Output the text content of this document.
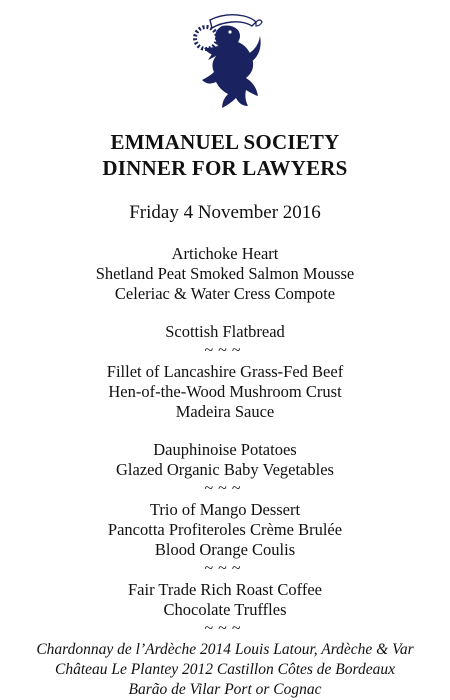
EMMANUEL SOCIETY
DINNER FOR LAWYERS
Friday 4 November 2016
Artichoke Heart
Shetland Peat Smoked Salmon Mousse
Celeriac & Water Cress Compote
Scottish Flatbread
~~~
Fillet of Lancashire Grass-Fed Beef
Hen-of-the-Wood Mushroom Crust
Madeira Sauce
Dauphinoise Potatoes
Glazed Organic Baby Vegetables
~~~
Trio of Mango Dessert
Pancotta Profiteroles Crème Brulée
Blood Orange Coulis
~~~
Fair Trade Rich Roast Coffee
Chocolate Truffles
~~~
Chardonnay de l’Ardèche 2014 Louis Latour, Ardèche & Var
Château Le Plantey 2012 Castillon Côtes de Bordeaux
Barão de Vilar Port or Cognac
